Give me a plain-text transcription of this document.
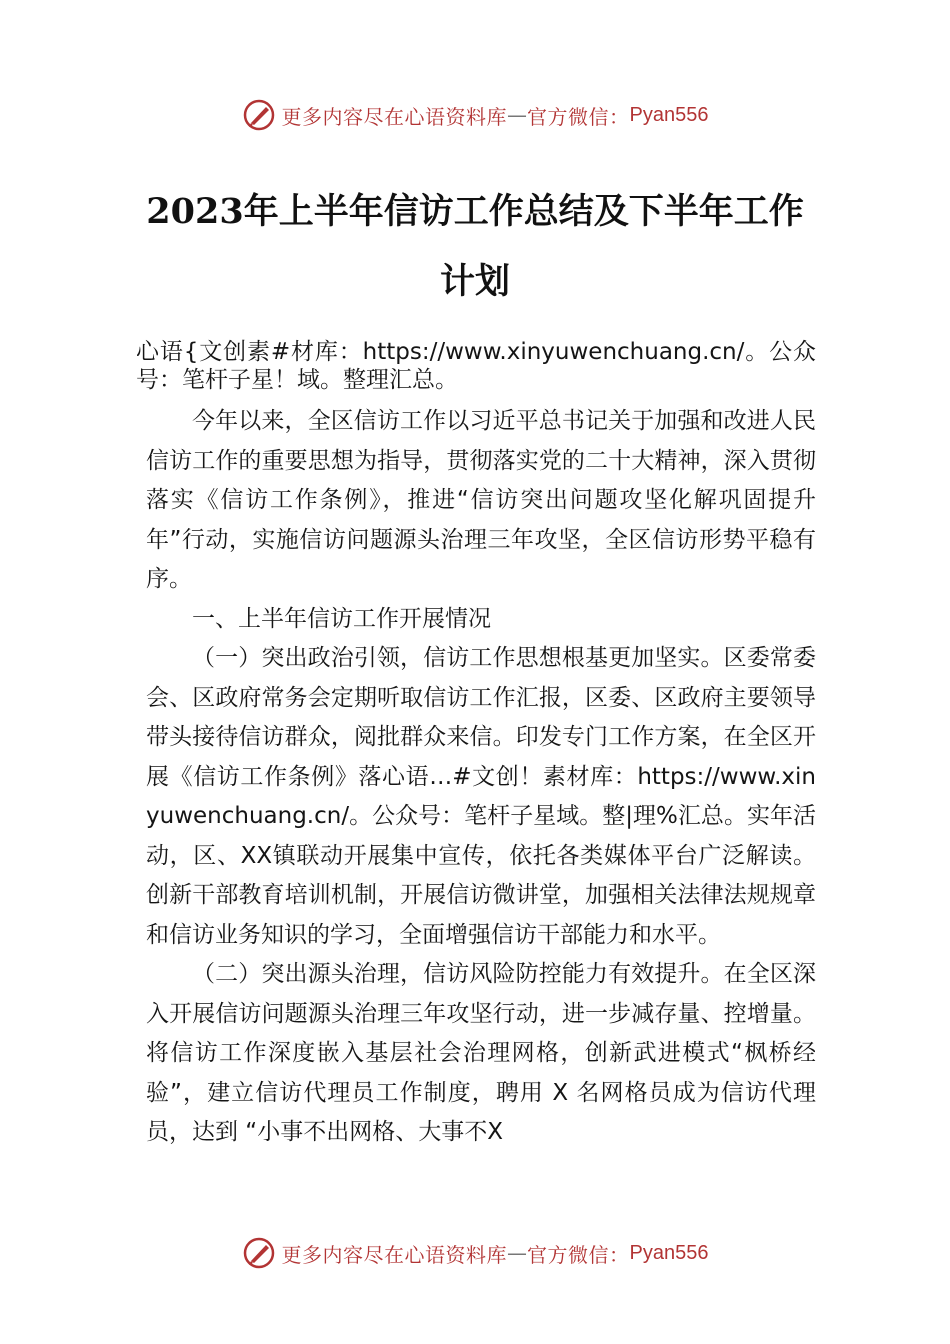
更多内容尽在心语资料库 — 官方微信： Pyan556
2023年上半年信访工作总结及下半年工作
计划

心语{文创素#材库：https://www.xinyuwenchuang.cn/。公众号：笔杆子星！域。整理汇总。

今年以来，全区信访工作以习近平总书记关于加强和改进人民信访工作的重要思想为指导，贯彻落实党的二十大精神，深入贯彻落实《信访工作条例》，推进“信访突出问题攻坚化解巩固提升年”行动，实施信访问题源头治理三年攻坚，全区信访形势平稳有序。

一、上半年信访工作开展情况

（一）突出政治引领，信访工作思想根基更加坚实。区委常委会、区政府常务会定期听取信访工作汇报，区委、区政府主要领导带头接待信访群众，阅批群众来信。印发专门工作方案，在全区开展《信访工作条例》落心语…#文创！素材库：https://www.xinyuwenchuang.cn/。公众号：笔杆子星域。整|理%汇总。实年活动，区、XX镇联动开展集中宣传，依托各类媒体平台广泛解读。创新干部教育培训机制，开展信访微讲堂，加强相关法律法规规章和信访业务知识的学习，全面增强信访干部能力和水平。

（二）突出源头治理，信访风险防控能力有效提升。在全区深入开展信访问题源头治理三年攻坚行动，进一步减存量、控增量。将信访工作深度嵌入基层社会治理网格，创新武进模式“枫桥经验”，建立信访代理员工作制度，聘用 X 名网格员成为信访代理员，达到 “小事不出网格、大事不X

更多内容尽在心语资料库 — 官方微信： Pyan556
